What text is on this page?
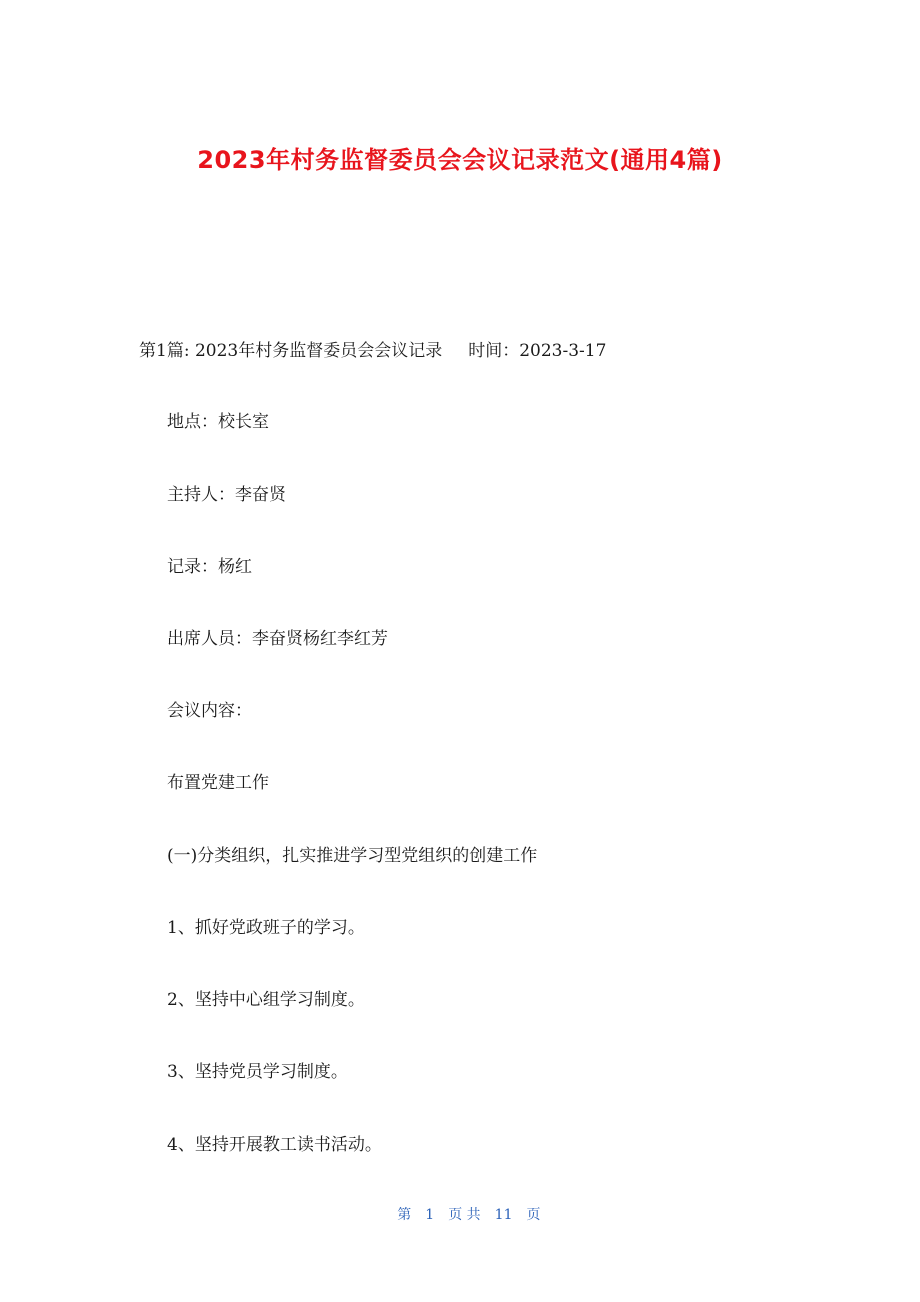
2023年村务监督委员会会议记录范文(通用4篇)
第1篇: 2023年村务监督委员会会议记录 时间：2023-3-17

地点：校长室

主持人：李奋贤

记录：杨红

出席人员：李奋贤杨红李红芳

会议内容：

布置党建工作

(一)分类组织，扎实推进学习型党组织的创建工作

1、抓好党政班子的学习。

2、坚持中心组学习制度。

3、坚持党员学习制度。

4、坚持开展教工读书活动。

第 1 页 共 11 页
